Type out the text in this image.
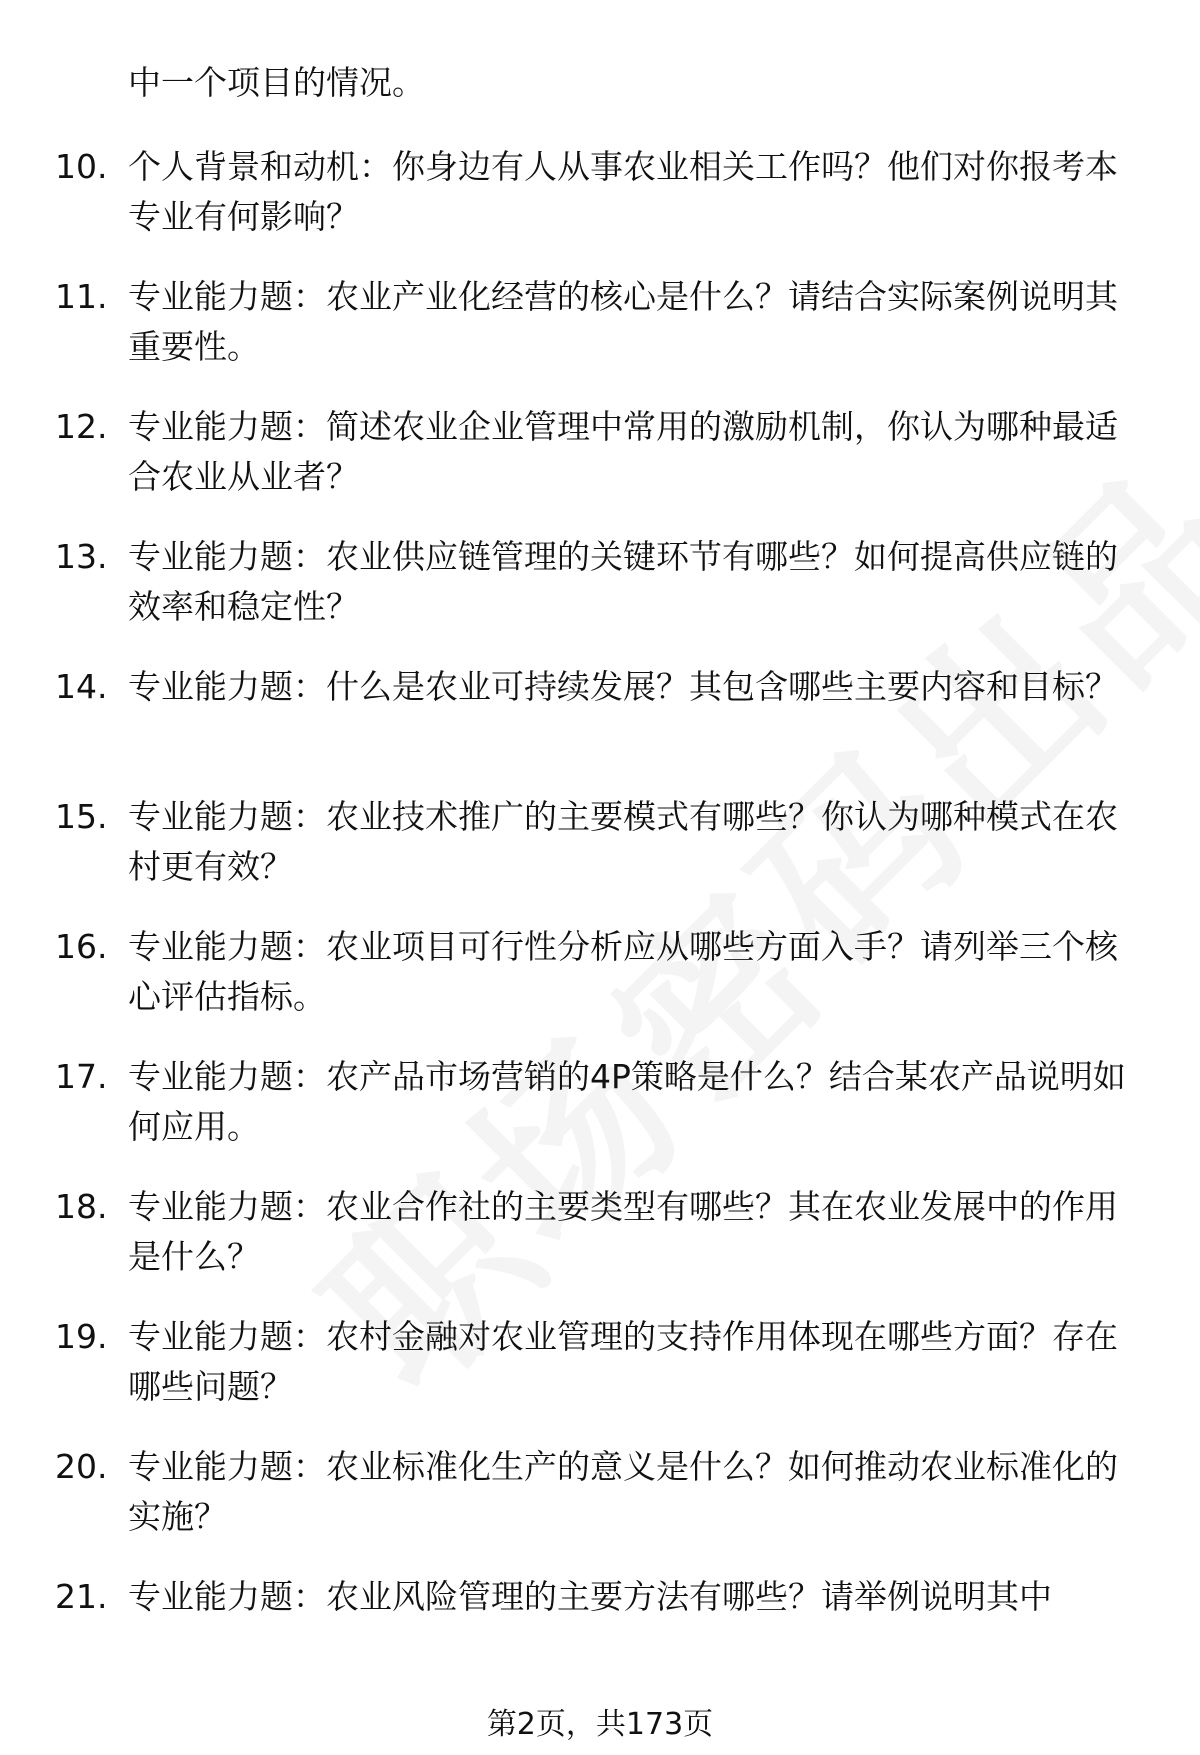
中一个项目的情况。
10. 个人背景和动机：你身边有人从事农业相关工作吗？他们对你报考本专业有何影响？
11. 专业能力题：农业产业化经营的核心是什么？请结合实际案例说明其重要性。
12. 专业能力题：简述农业企业管理中常用的激励机制，你认为哪种最适合农业从业者？
13. 专业能力题：农业供应链管理的关键环节有哪些？如何提高供应链的效率和稳定性？
14. 专业能力题：什么是农业可持续发展？其包含哪些主要内容和目标？
15. 专业能力题：农业技术推广的主要模式有哪些？你认为哪种模式在农村更有效？
16. 专业能力题：农业项目可行性分析应从哪些方面入手？请列举三个核心评估指标。
17. 专业能力题：农产品市场营销的4P策略是什么？结合某农产品说明如何应用。
18. 专业能力题：农业合作社的主要类型有哪些？其在农业发展中的作用是什么？
19. 专业能力题：农村金融对农业管理的支持作用体现在哪些方面？存在哪些问题？
20. 专业能力题：农业标准化生产的意义是什么？如何推动农业标准化的实施？
21. 专业能力题：农业风险管理的主要方法有哪些？请举例说明其中
第2页，共173页
